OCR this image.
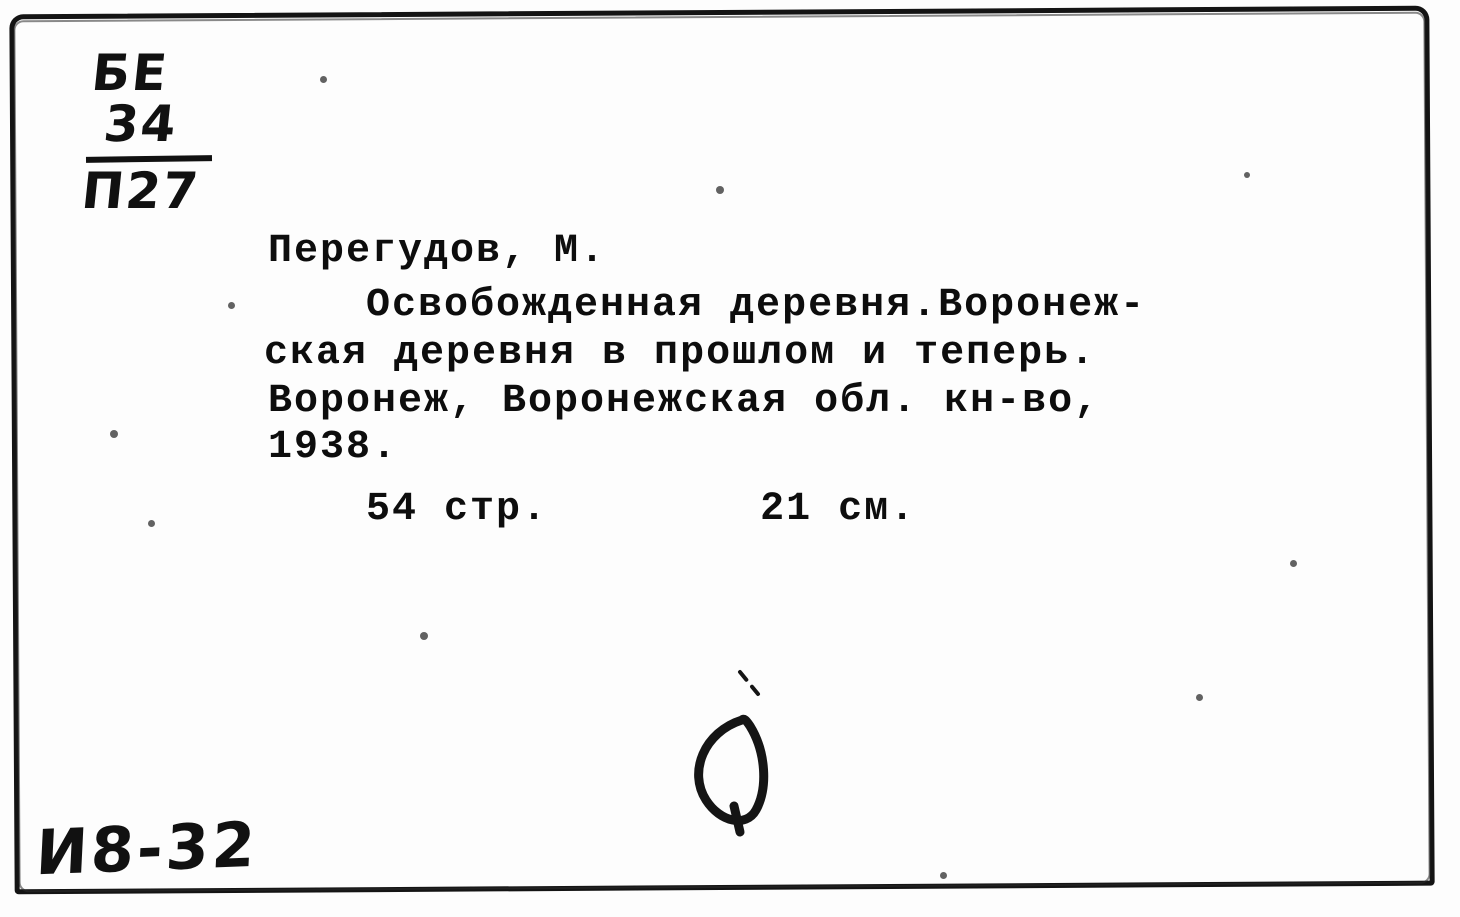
БЕ
34
П27
Перегудов, М.
Освобожденная деревня.Воронеж-
ская деревня в прошлом и теперь.
Воронеж, Воронежская обл. кн-во,
1938.
54 стр.	21 см.
И8-32
